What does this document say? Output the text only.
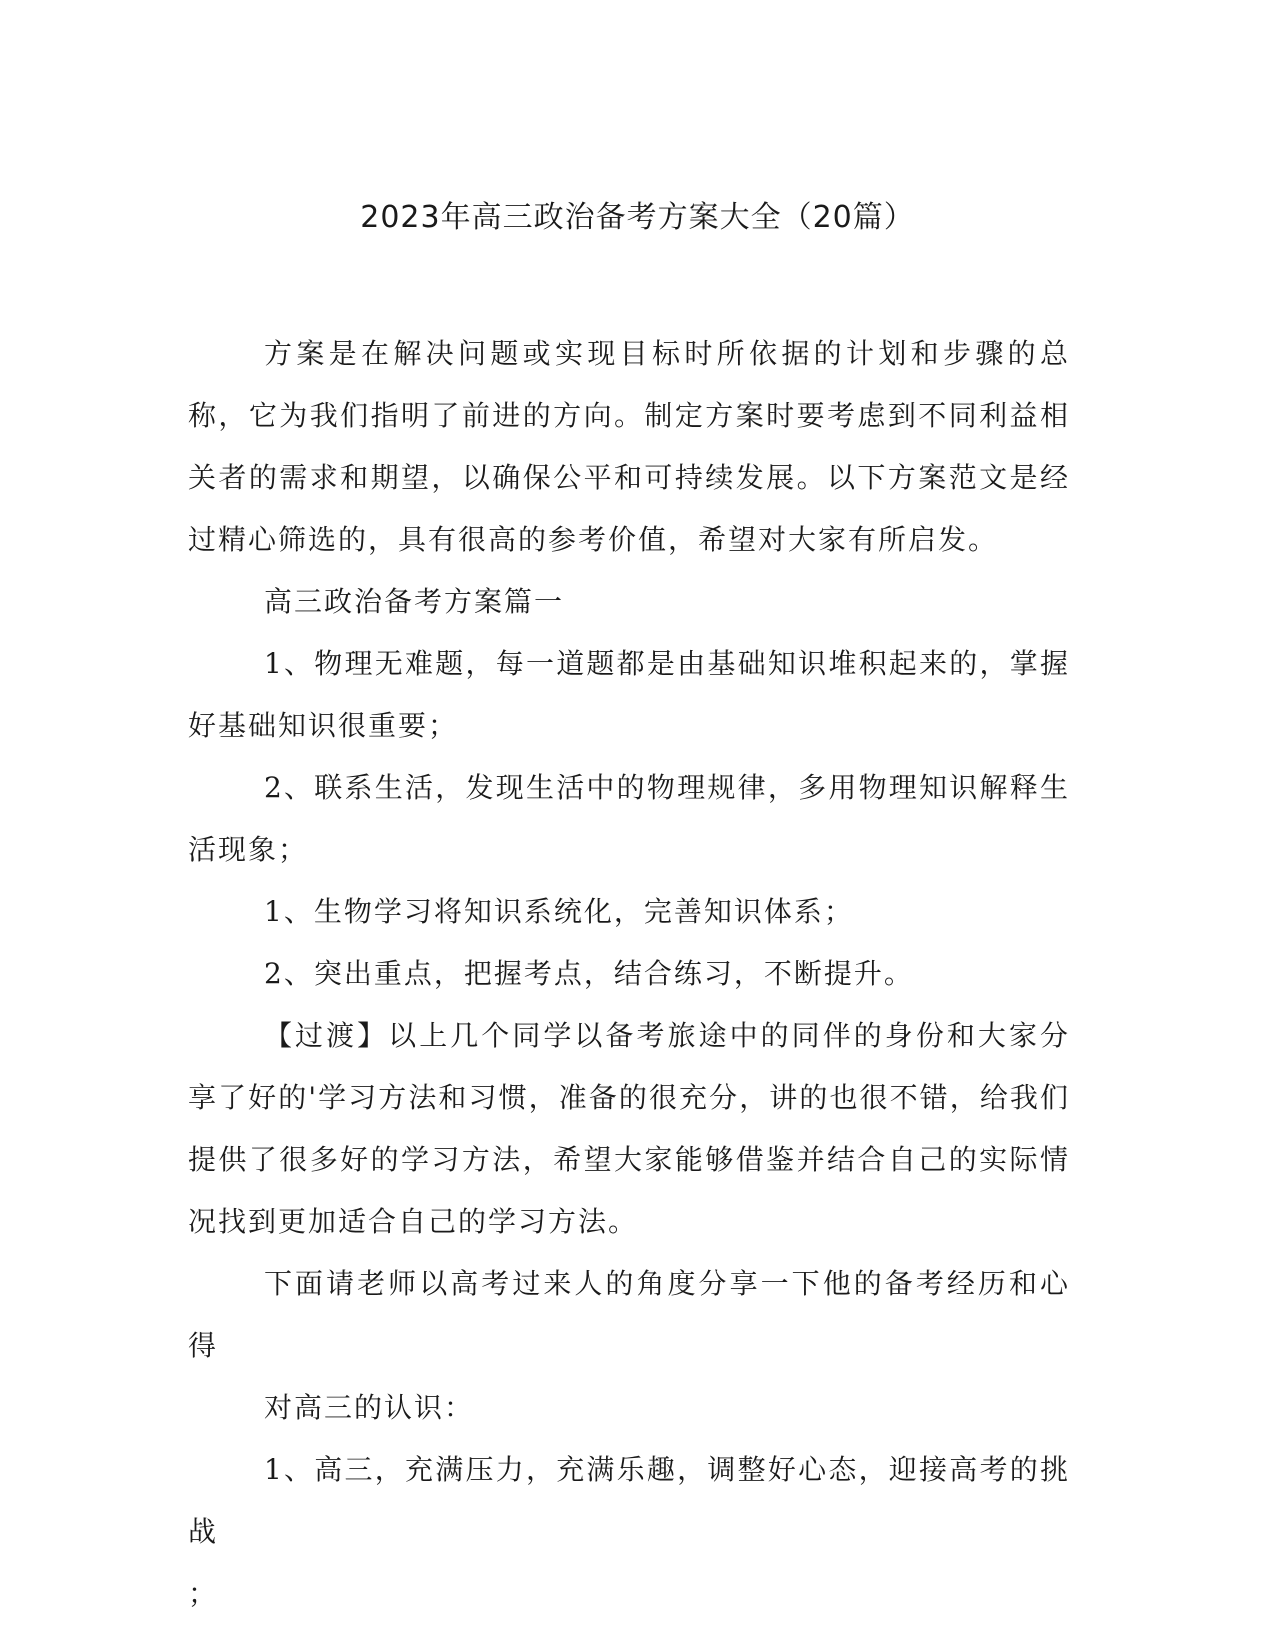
2023年高三政治备考方案大全（20篇）

方案是在解决问题或实现目标时所依据的计划和步骤的总称，它为我们指明了前进的方向。制定方案时要考虑到不同利益相关者的需求和期望，以确保公平和可持续发展。以下方案范文是经过精心筛选的，具有很高的参考价值，希望对大家有所启发。

高三政治备考方案篇一

1、物理无难题，每一道题都是由基础知识堆积起来的，掌握好基础知识很重要；

2、联系生活，发现生活中的物理规律，多用物理知识解释生活现象；

1、生物学习将知识系统化，完善知识体系；

2、突出重点，把握考点，结合练习，不断提升。

【过渡】以上几个同学以备考旅途中的同伴的身份和大家分享了好的'学习方法和习惯，准备的很充分，讲的也很不错，给我们提供了很多好的学习方法，希望大家能够借鉴并结合自己的实际情况找到更加适合自己的学习方法。

下面请老师以高考过来人的角度分享一下他的备考经历和心得

对高三的认识：

1、高三，充满压力，充满乐趣，调整好心态，迎接高考的挑战

；
